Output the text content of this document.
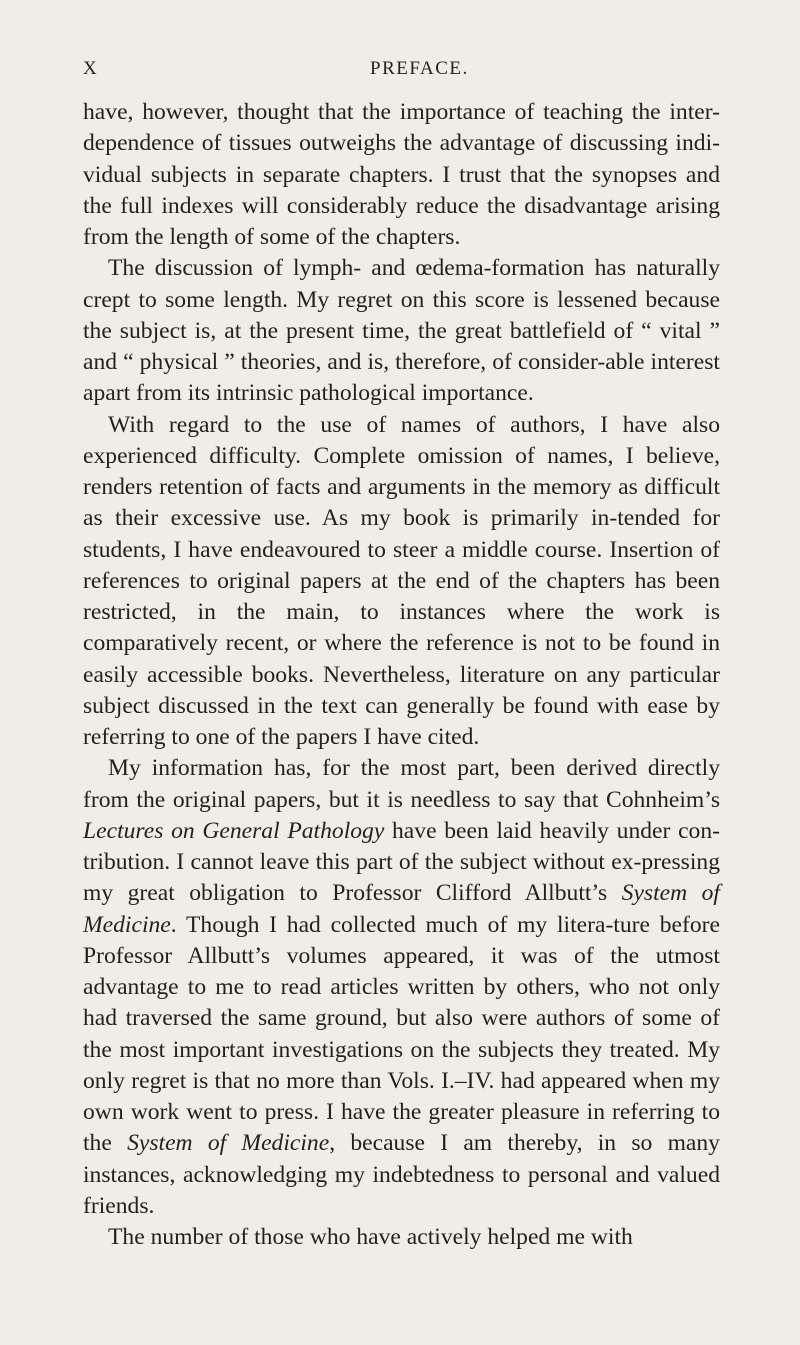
X	PREFACE.

have, however, thought that the importance of teaching the inter-dependence of tissues outweighs the advantage of discussing indi-vidual subjects in separate chapters. I trust that the synopses and the full indexes will considerably reduce the disadvantage arising from the length of some of the chapters.

The discussion of lymph- and œdema-formation has naturally crept to some length. My regret on this score is lessened because the subject is, at the present time, the great battlefield of “ vital ” and “ physical ” theories, and is, therefore, of consider-able interest apart from its intrinsic pathological importance.

With regard to the use of names of authors, I have also experienced difficulty. Complete omission of names, I believe, renders retention of facts and arguments in the memory as difficult as their excessive use. As my book is primarily in-tended for students, I have endeavoured to steer a middle course. Insertion of references to original papers at the end of the chapters has been restricted, in the main, to instances where the work is comparatively recent, or where the reference is not to be found in easily accessible books. Nevertheless, literature on any particular subject discussed in the text can generally be found with ease by referring to one of the papers I have cited.

My information has, for the most part, been derived directly from the original papers, but it is needless to say that Cohnheim’s Lectures on General Pathology have been laid heavily under con-tribution. I cannot leave this part of the subject without ex-pressing my great obligation to Professor Clifford Allbutt’s System of Medicine. Though I had collected much of my litera-ture before Professor Allbutt’s volumes appeared, it was of the utmost advantage to me to read articles written by others, who not only had traversed the same ground, but also were authors of some of the most important investigations on the subjects they treated. My only regret is that no more than Vols. I.–IV. had appeared when my own work went to press. I have the greater pleasure in referring to the System of Medicine, because I am thereby, in so many instances, acknowledging my indebtedness to personal and valued friends.

The number of those who have actively helped me with
